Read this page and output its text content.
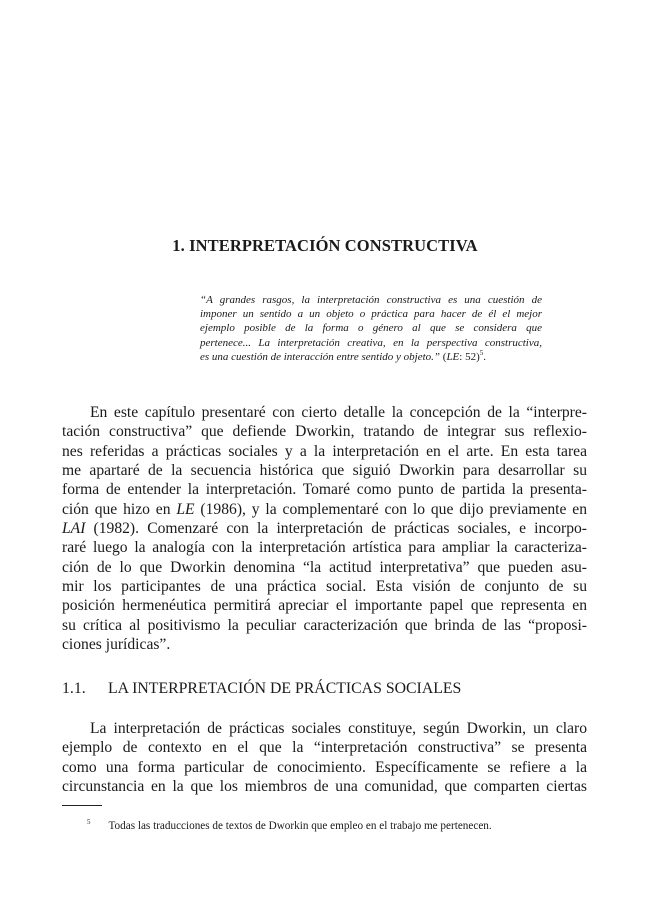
1. INTERPRETACIÓN CONSTRUCTIVA
“A grandes rasgos, la interpretación constructiva es una cuestión de
imponer un sentido a un objeto o práctica para hacer de él el mejor
ejemplo posible de la forma o género al que se considera que
pertenece... La interpretación creativa, en la perspectiva constructiva,
es una cuestión de interacción entre sentido y objeto.” (LE: 52)$^5$.
En este capítulo presentaré con cierto detalle la concepción de la “interpre-
tación constructiva” que defiende Dworkin, tratando de integrar sus reflexio-
nes referidas a prácticas sociales y a la interpretación en el arte. En esta tarea
me apartaré de la secuencia histórica que siguió Dworkin para desarrollar su
forma de entender la interpretación. Tomaré como punto de partida la presenta-
ción que hizo en LE (1986), y la complementaré con lo que dijo previamente en
LAI (1982). Comenzaré con la interpretación de prácticas sociales, e incorpo-
raré luego la analogía con la interpretación artística para ampliar la caracteriza-
ción de lo que Dworkin denomina “la actitud interpretativa” que pueden asu-
mir los participantes de una práctica social. Esta visión de conjunto de su
posición hermenéutica permitirá apreciar el importante papel que representa en
su crítica al positivismo la peculiar caracterización que brinda de las “proposi-
ciones jurídicas”.
1.1. LA INTERPRETACIÓN DE PRÁCTICAS SOCIALES
La interpretación de prácticas sociales constituye, según Dworkin, un claro
ejemplo de contexto en el que la “interpretación constructiva” se presenta
como una forma particular de conocimiento. Específicamente se refiere a la
circunstancia en la que los miembros de una comunidad, que comparten ciertas
$^5$ Todas las traducciones de textos de Dworkin que empleo en el trabajo me pertenecen.
